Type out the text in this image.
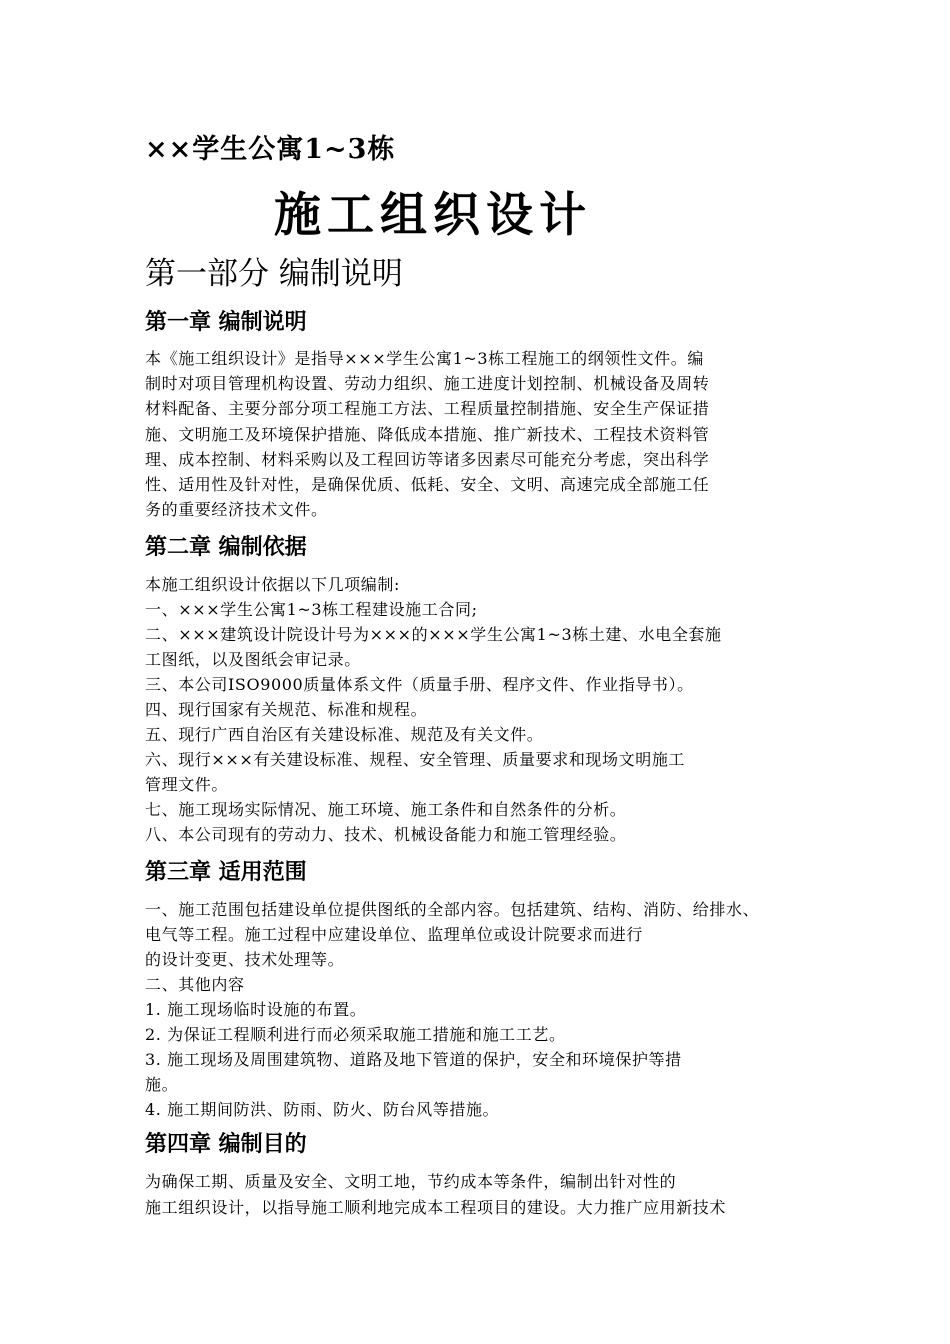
××学生公寓1~3栋
施工组织设计
第一部分 编制说明
第一章 编制说明
本《施工组织设计》是指导×××学生公寓1~3栋工程施工的纲领性文件。编
制时对项目管理机构设置、劳动力组织、施工进度计划控制、机械设备及周转
材料配备、主要分部分项工程施工方法、工程质量控制措施、安全生产保证措
施、文明施工及环境保护措施、降低成本措施、推广新技术、工程技术资料管
理、成本控制、材料采购以及工程回访等诸多因素尽可能充分考虑，突出科学
性、适用性及针对性，是确保优质、低耗、安全、文明、高速完成全部施工任
务的重要经济技术文件。
第二章 编制依据
本施工组织设计依据以下几项编制:
一、×××学生公寓1~3栋工程建设施工合同;
二、×××建筑设计院设计号为×××的×××学生公寓1~3栋土建、水电全套施
工图纸，以及图纸会审记录。
三、本公司ISO9000质量体系文件（质量手册、程序文件、作业指导书）。
四、现行国家有关规范、标准和规程。
五、现行广西自治区有关建设标准、规范及有关文件。
六、现行×××有关建设标准、规程、安全管理、质量要求和现场文明施工
管理文件。
七、施工现场实际情况、施工环境、施工条件和自然条件的分析。
八、本公司现有的劳动力、技术、机械设备能力和施工管理经验。
第三章 适用范围
一、施工范围包括建设单位提供图纸的全部内容。包括建筑、结构、消防、给排水、
电气等工程。施工过程中应建设单位、监理单位或设计院要求而进行
的设计变更、技术处理等。
二、其他内容
1. 施工现场临时设施的布置。
2. 为保证工程顺利进行而必须采取施工措施和施工工艺。
3. 施工现场及周围建筑物、道路及地下管道的保护，安全和环境保护等措
施。
4. 施工期间防洪、防雨、防火、防台风等措施。
第四章 编制目的
为确保工期、质量及安全、文明工地，节约成本等条件，编制出针对性的
施工组织设计，以指导施工顺利地完成本工程项目的建设。大力推广应用新技术
